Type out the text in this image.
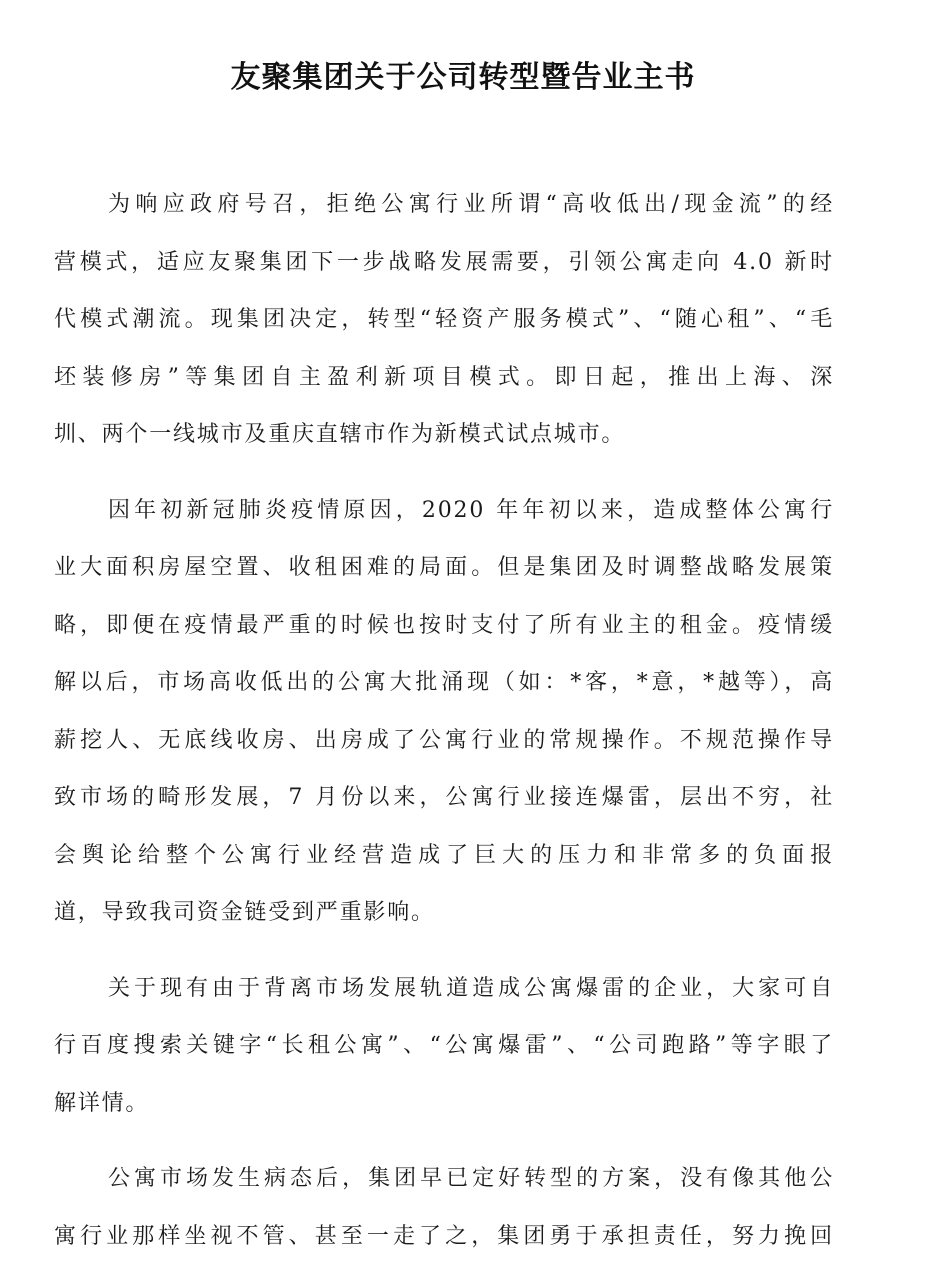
友聚集团关于公司转型暨告业主书
为响应政府号召，拒绝公寓行业所谓“高收低出/现金流”的经
营模式，适应友聚集团下一步战略发展需要，引领公寓走向 4.0 新时
代模式潮流。现集团决定，转型“轻资产服务模式”、“随心租”、“毛
坯装修房”等集团自主盈利新项目模式。即日起，推出上海、深
圳、两个一线城市及重庆直辖市作为新模式试点城市。
因年初新冠肺炎疫情原因，2020 年年初以来，造成整体公寓行
业大面积房屋空置、收租困难的局面。但是集团及时调整战略发展策
略，即便在疫情最严重的时候也按时支付了所有业主的租金。疫情缓
解以后，市场高收低出的公寓大批涌现（如：*客，*意，*越等），高
薪挖人、无底线收房、出房成了公寓行业的常规操作。不规范操作导
致市场的畸形发展，7 月份以来，公寓行业接连爆雷，层出不穷，社
会舆论给整个公寓行业经营造成了巨大的压力和非常多的负面报
道，导致我司资金链受到严重影响。
关于现有由于背离市场发展轨道造成公寓爆雷的企业，大家可自
行百度搜索关键字“长租公寓”、“公寓爆雷”、“公司跑路”等字眼了
解详情。
公寓市场发生病态后，集团早已定好转型的方案，没有像其他公
寓行业那样坐视不管、甚至一走了之，集团勇于承担责任，努力挽回
